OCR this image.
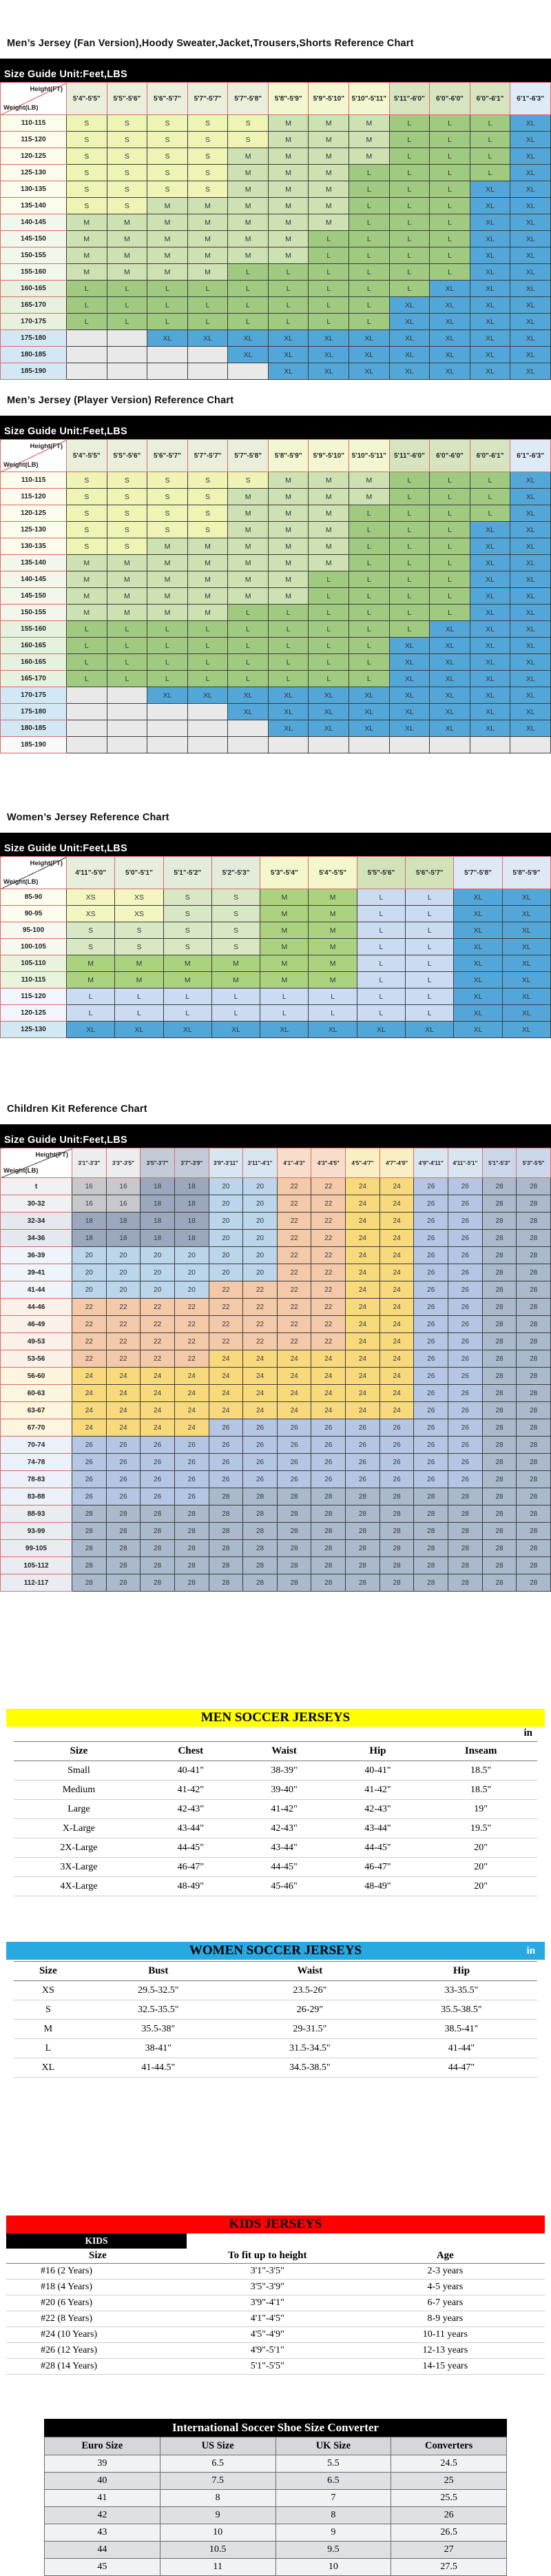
Men’s Jersey (Fan Version),Hoody Sweater,Jacket,Trousers,Shorts Reference Chart
Size Guide Unit:Feet,LBS
Height(FT)
Weight(LB)	5'4"-5'5"	5'5"-5'6"	5'6"-5'7"	5'7"-5'7"	5'7"-5'8"	5'8"-5'9"	5'9"-5'10"	5'10"-5'11"	5'11"-6'0"	6'0"-6'0"	6'0"-6'1"	6'1"-6'3"
110-115	S	S	S	S	S	M	M	M	L	L	L	XL
115-120	S	S	S	S	S	M	M	M	L	L	L	XL
120-125	S	S	S	S	M	M	M	M	L	L	L	XL
125-130	S	S	S	S	M	M	M	L	L	L	L	XL
130-135	S	S	S	S	M	M	M	L	L	L	XL	XL
135-140	S	S	M	M	M	M	M	L	L	L	XL	XL
140-145	M	M	M	M	M	M	M	L	L	L	XL	XL
145-150	M	M	M	M	M	M	L	L	L	L	XL	XL
150-155	M	M	M	M	M	M	L	L	L	L	XL	XL
155-160	M	M	M	M	L	L	L	L	L	L	XL	XL
160-165	L	L	L	L	L	L	L	L	L	XL	XL	XL
165-170	L	L	L	L	L	L	L	L	XL	XL	XL	XL
170-175	L	L	L	L	L	L	L	L	XL	XL	XL	XL
175-180			XL	XL	XL	XL	XL	XL	XL	XL	XL	XL
180-185					XL	XL	XL	XL	XL	XL	XL	XL
185-190						XL	XL	XL	XL	XL	XL	XL
Men’s Jersey (Player Version) Reference Chart
Size Guide Unit:Feet,LBS
Height(FT)
Weight(LB)	5'4"-5'5"	5'5"-5'6"	5'6"-5'7"	5'7"-5'7"	5'7"-5'8"	5'8"-5'9"	5'9"-5'10"	5'10"-5'11"	5'11"-6'0"	6'0"-6'0"	6'0"-6'1"	6'1"-6'3"
110-115	S	S	S	S	S	M	M	M	L	L	L	XL
115-120	S	S	S	S	M	M	M	M	L	L	L	XL
120-125	S	S	S	S	M	M	M	L	L	L	L	XL
125-130	S	S	S	S	M	M	M	L	L	L	XL	XL
130-135	S	S	M	M	M	M	M	L	L	L	XL	XL
135-140	M	M	M	M	M	M	M	L	L	L	XL	XL
140-145	M	M	M	M	M	M	L	L	L	L	XL	XL
145-150	M	M	M	M	M	M	L	L	L	L	XL	XL
150-155	M	M	M	M	L	L	L	L	L	L	XL	XL
155-160	L	L	L	L	L	L	L	L	L	XL	XL	XL
160-165	L	L	L	L	L	L	L	L	XL	XL	XL	XL
160-165	L	L	L	L	L	L	L	L	XL	XL	XL	XL
165-170	L	L	L	L	L	L	L	L	XL	XL	XL	XL
170-175			XL	XL	XL	XL	XL	XL	XL	XL	XL	XL
175-180					XL	XL	XL	XL	XL	XL	XL	XL
180-185						XL	XL	XL	XL	XL	XL	XL
185-190												
Women’s Jersey Reference Chart
Size Guide Unit:Feet,LBS
Height(FT)
Weight(LB)	4'11"-5'0"	5'0"-5'1"	5'1"-5'2"	5'2"-5'3"	5'3"-5'4"	5'4"-5'5"	5'5"-5'6"	5'6"-5'7"	5'7"-5'8"	5'8"-5'9"
85-90	XS	XS	S	S	M	M	L	L	XL	XL
90-95	XS	XS	S	S	M	M	L	L	XL	XL
95-100	S	S	S	S	M	M	L	L	XL	XL
100-105	S	S	S	S	M	M	L	L	XL	XL
105-110	M	M	M	M	M	M	L	L	XL	XL
110-115	M	M	M	M	M	M	L	L	XL	XL
115-120	L	L	L	L	L	L	L	L	XL	XL
120-125	L	L	L	L	L	L	L	L	XL	XL
125-130	XL	XL	XL	XL	XL	XL	XL	XL	XL	XL
Children Kit Reference Chart
Size Guide Unit:Feet,LBS
Height(FT)
Weight(LB)	3'1"-3'3"	3'3"-3'5"	3'5"-3'7"	3'7"-3'9"	3'9"-3'11"	3'11"-4'1"	4'1"-4'3"	4'3"-4'5"	4'5"-4'7"	4'7"-4'9"	4'9"-4'11"	4'11"-5'1"	5'1"-5'3"	5'3"-5'5"
t	16	16	18	18	20	20	22	22	24	24	26	26	28	28
30-32	16	16	18	18	20	20	22	22	24	24	26	26	28	28
32-34	18	18	18	18	20	20	22	22	24	24	26	26	28	28
34-36	18	18	18	18	20	20	22	22	24	24	26	26	28	28
36-39	20	20	20	20	20	20	22	22	24	24	26	26	28	28
39-41	20	20	20	20	20	20	22	22	24	24	26	26	28	28
41-44	20	20	20	20	22	22	22	22	24	24	26	26	28	28
44-46	22	22	22	22	22	22	22	22	24	24	26	26	28	28
46-49	22	22	22	22	22	22	22	22	24	24	26	26	28	28
49-53	22	22	22	22	22	22	22	22	24	24	26	26	28	28
53-56	22	22	22	22	24	24	24	24	24	24	26	26	28	28
56-60	24	24	24	24	24	24	24	24	24	24	26	26	28	28
60-63	24	24	24	24	24	24	24	24	24	24	26	26	28	28
63-67	24	24	24	24	24	24	24	24	24	24	26	26	28	28
67-70	24	24	24	24	26	26	26	26	26	26	26	26	28	28
70-74	26	26	26	26	26	26	26	26	26	26	26	26	28	28
74-78	26	26	26	26	26	26	26	26	26	26	26	26	28	28
78-83	26	26	26	26	26	26	26	26	26	26	26	26	28	28
83-88	26	26	26	26	28	28	28	28	28	28	28	28	28	28
88-93	28	28	28	28	28	28	28	28	28	28	28	28	28	28
93-99	28	28	28	28	28	28	28	28	28	28	28	28	28	28
99-105	28	28	28	28	28	28	28	28	28	28	28	28	28	28
105-112	28	28	28	28	28	28	28	28	28	28	28	28	28	28
112-117	28	28	28	28	28	28	28	28	28	28	28	28	28	28
MEN SOCCER JERSEYS
in
Size	Chest	Waist	Hip	Inseam
Small	40-41"	38-39"	40-41"	18.5"
Medium	41-42"	39-40"	41-42"	18.5"
Large	42-43"	41-42"	42-43"	19"
X-Large	43-44"	42-43"	43-44"	19.5"
2X-Large	44-45"	43-44"	44-45"	20"
3X-Large	46-47"	44-45"	46-47"	20"
4X-Large	48-49"	45-46"	48-49"	20"
WOMEN SOCCER JERSEYS	in
Size	Bust	Waist	Hip
XS	29.5-32.5"	23.5-26"	33-35.5"
S	32.5-35.5"	26-29"	35.5-38.5"
M	35.5-38"	29-31.5"	38.5-41"
L	38-41"	31.5-34.5"	41-44"
XL	41-44.5"	34.5-38.5"	44-47"
KIDS JERSEYS
KIDS
Size	To fit up to height	Age
#16 (2 Years)	3'1"-3'5"	2-3 years
#18 (4 Years)	3'5"-3'9"	4-5 years
#20 (6 Years)	3'9"-4'1"	6-7 years
#22 (8 Years)	4'1"-4'5"	8-9 years
#24 (10 Years)	4'5"-4'9"	10-11 years
#26 (12 Years)	4'9"-5'1"	12-13 years
#28 (14 Years)	5'1"-5'5"	14-15 years
International Soccer Shoe Size Converter
Euro Size	US Size	UK Size	Converters
39	6.5	5.5	24.5
40	7.5	6.5	25
41	8	7	25.5
42	9	8	26
43	10	9	26.5
44	10.5	9.5	27
45	11	10	27.5
